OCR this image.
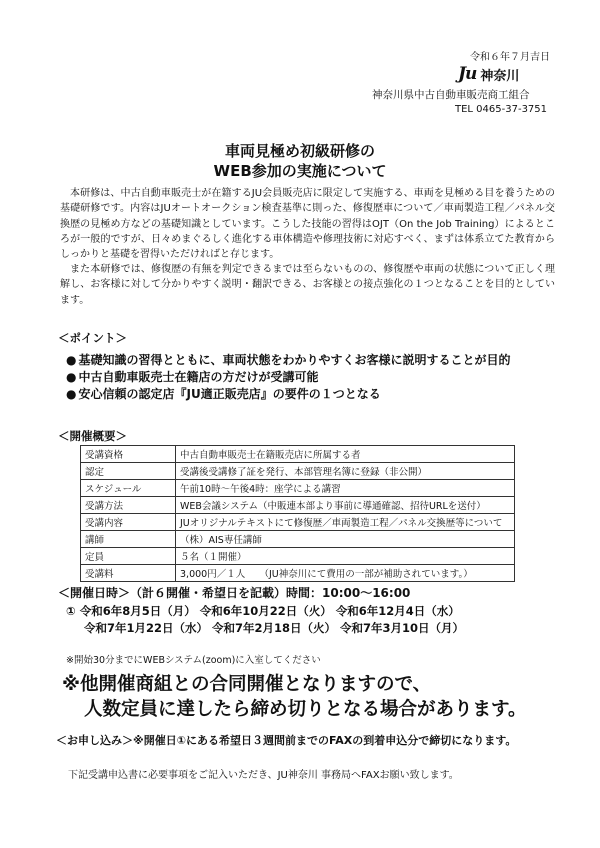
令和６年７月吉日
Ju 神奈川
神奈川県中古自動車販売商工組合
TEL 0465-37-3751
車両見極め初級研修の
WEB参加の実施について
本研修は、中古自動車販売士が在籍するJU会員販売店に限定して実施する、車両を見極める目を養うための基礎研修です。内容はJUオートオークション検査基準に則った、修復歴車について／車両製造工程／パネル交換歴の見極め方などの基礎知識としています。こうした技能の習得はOJT（On the Job Training）によるところが一般的ですが、日々めまぐるしく進化する車体構造や修理技術に対応すべく、まずは体系立てた教育からしっかりと基礎を習得いただければと存じます。
また本研修では、修復歴の有無を判定できるまでは至らないものの、修復歴や車両の状態について正しく理解し、お客様に対して分かりやすく説明・翻訳できる、お客様との接点強化の１つとなることを目的としています。
＜ポイント＞
● 基礎知識の習得とともに、車両状態をわかりやすくお客様に説明することが目的
● 中古自動車販売士在籍店の方だけが受講可能
● 安心信頼の認定店『JU適正販売店』の要件の１つとなる
＜開催概要＞
受講資格	中古自動車販売士在籍販売店に所属する者
認定	受講後受講修了証を発行、本部管理名簿に登録（非公開）
スケジュール	午前10時～午後4時：座学による講習
受講方法	WEB会議システム（中販連本部より事前に導通確認、招待URLを送付）
受講内容	JUオリジナルテキストにて修復歴／車両製造工程／パネル交換歴等について
講師	（株）AIS専任講師
定員	５名（１開催）
受講料	3,000円／１人　　（JU神奈川にて費用の一部が補助されています。）
＜開催日時＞（計６開催・希望日を記載）時間：10:00～16:00
① 令和6年8月5日（月） 令和6年10月22日（火） 令和6年12月4日（水）
令和7年1月22日（水） 令和7年2月18日（火） 令和7年3月10日（月）
※開始30分までにWEBシステム(zoom)に入室してください
※他開催商組との合同開催となりますので、
人数定員に達したら締め切りとなる場合があります。
＜お申し込み＞※開催日①にある希望日３週間前までのFAXの到着申込分で締切になります。
下記受講申込書に必要事項をご記入いただき、JU神奈川 事務局へFAXお願い致します。
